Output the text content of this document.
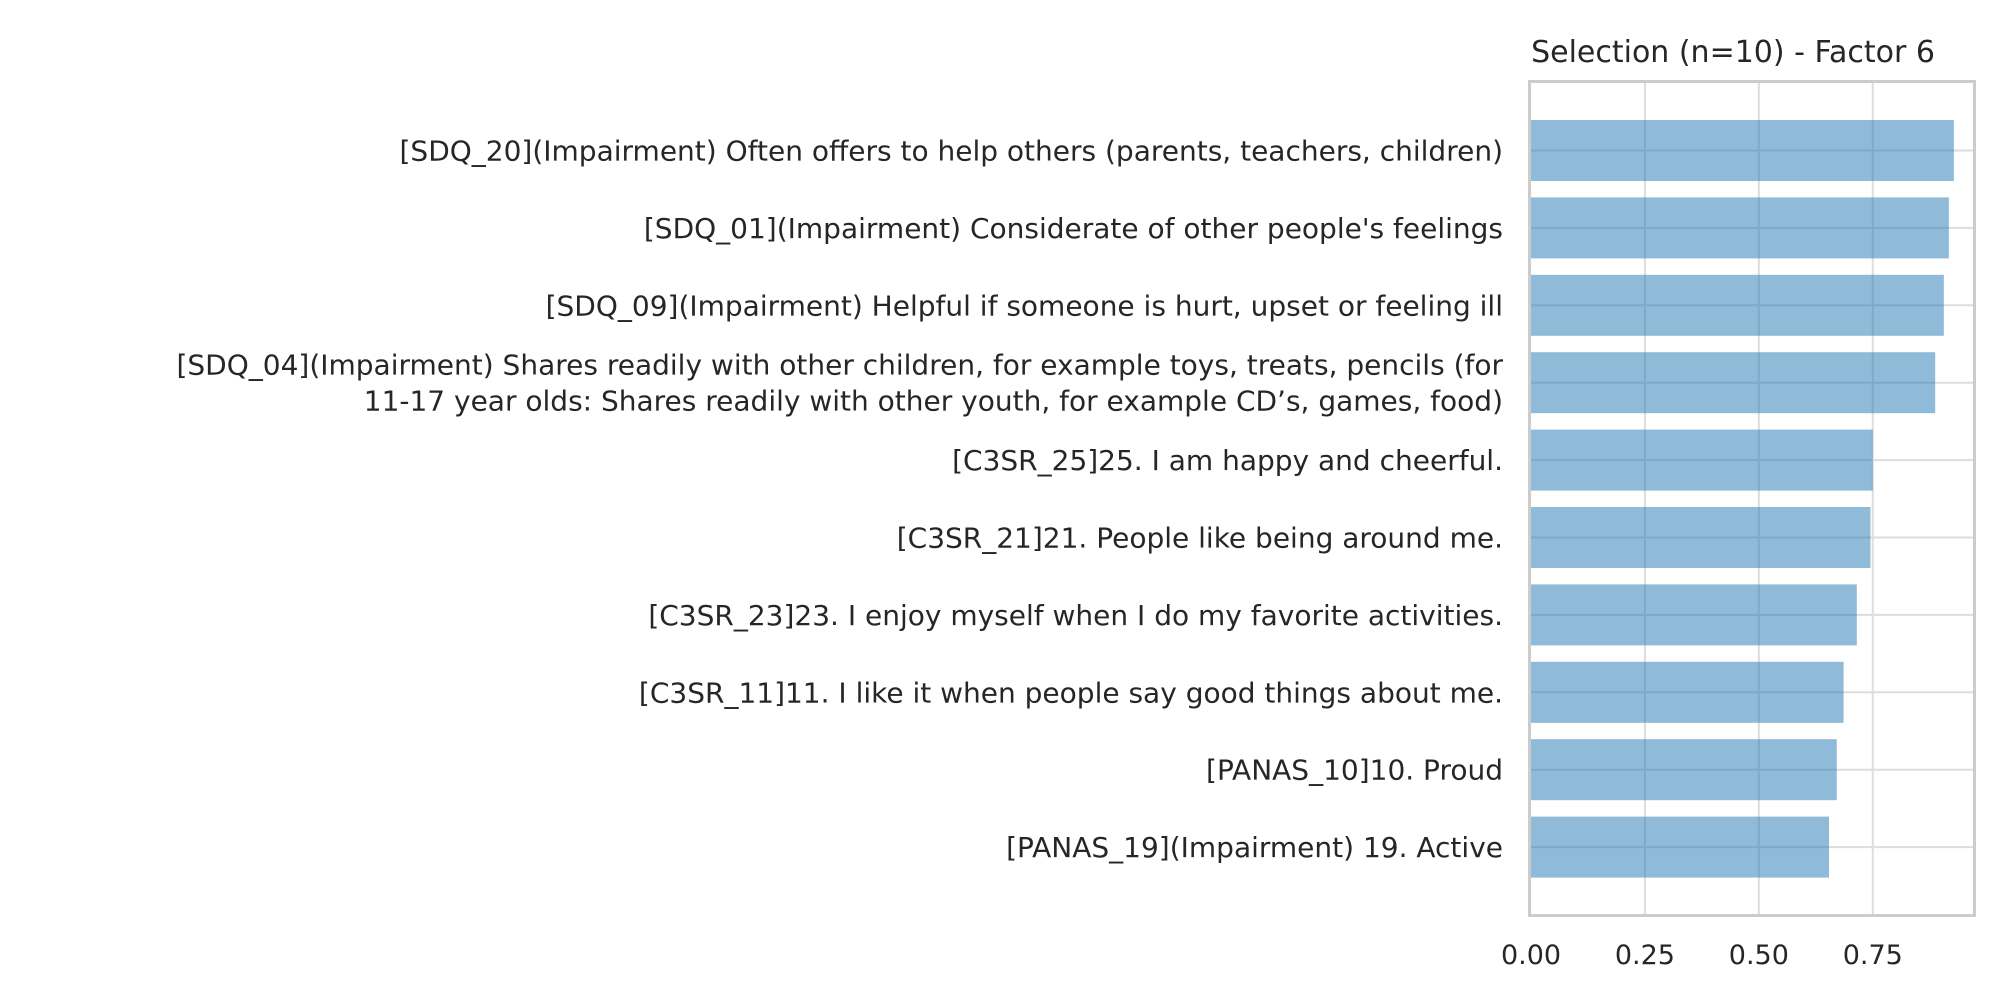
Selection (n=10) - Factor 6
[SDQ_20](Impairment) Often offers to help others (parents, teachers, children)
[SDQ_01](Impairment) Considerate of other people's feelings
[SDQ_09](Impairment) Helpful if someone is hurt, upset or feeling ill
[SDQ_04](Impairment) Shares readily with other children, for example toys, treats, pencils (for 11-17 year olds: Shares readily with other youth, for example CD’s, games, food)
[C3SR_25]25. I am happy and cheerful.
[C3SR_21]21. People like being around me.
[C3SR_23]23. I enjoy myself when I do my favorite activities.
[C3SR_11]11. I like it when people say good things about me.
[PANAS_10]10. Proud
[PANAS_19](Impairment) 19. Active
0.00 0.25 0.50 0.75
